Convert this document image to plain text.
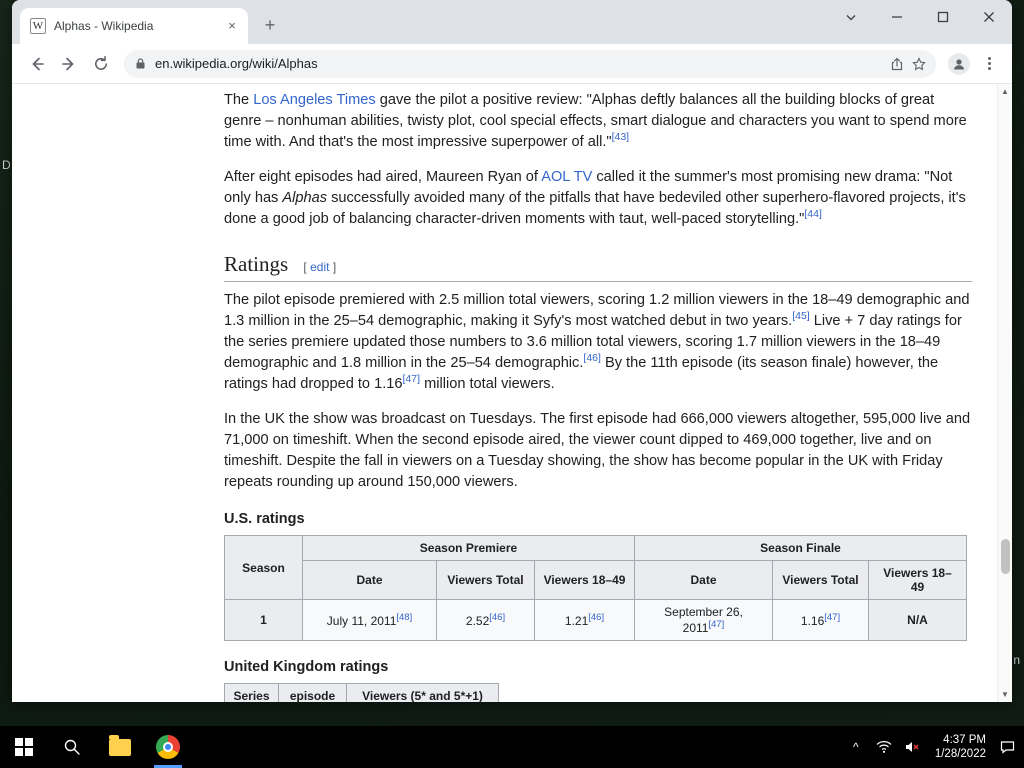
D
n
W Alphas - Wikipedia	×	+
en.wikipedia.org/wiki/Alphas

The Los Angeles Times gave the pilot a positive review: "Alphas deftly balances all the building blocks of great genre – nonhuman abilities, twisty plot, cool special effects, smart dialogue and characters you want to spend more time with. And that's the most impressive superpower of all."[43]

After eight episodes had aired, Maureen Ryan of AOL TV called it the summer's most promising new drama: "Not only has Alphas successfully avoided many of the pitfalls that have bedeviled other superhero-flavored projects, it's done a good job of balancing character-driven moments with taut, well-paced storytelling."[44]

Ratings [ edit ]

The pilot episode premiered with 2.5 million total viewers, scoring 1.2 million viewers in the 18–49 demographic and 1.3 million in the 25–54 demographic, making it Syfy's most watched debut in two years.[45] Live + 7 day ratings for the series premiere updated those numbers to 3.6 million total viewers, scoring 1.7 million viewers in the 18–49 demographic and 1.8 million in the 25–54 demographic.[46] By the 11th episode (its season finale) however, the ratings had dropped to 1.16[47] million total viewers.

In the UK the show was broadcast on Tuesdays. The first episode had 666,000 viewers altogether, 595,000 live and 71,000 on timeshift. When the second episode aired, the viewer count dipped to 469,000 together, live and on timeshift. Despite the fall in viewers on a Tuesday showing, the show has become popular in the UK with Friday repeats rounding up around 150,000 viewers.

U.S. ratings
Season	Season Premiere			Season Finale		
	Date	Viewers Total	Viewers 18–49	Date	Viewers Total	Viewers 18–49
1	July 11, 2011[48]	2.52[46]	1.21[46]	September 26, 2011[47]	1.16[47]	N/A
United Kingdom ratings
Series	episode	Viewers (5* and 5*+1)

▲
▼
^	4:37 PM
1/28/2022
